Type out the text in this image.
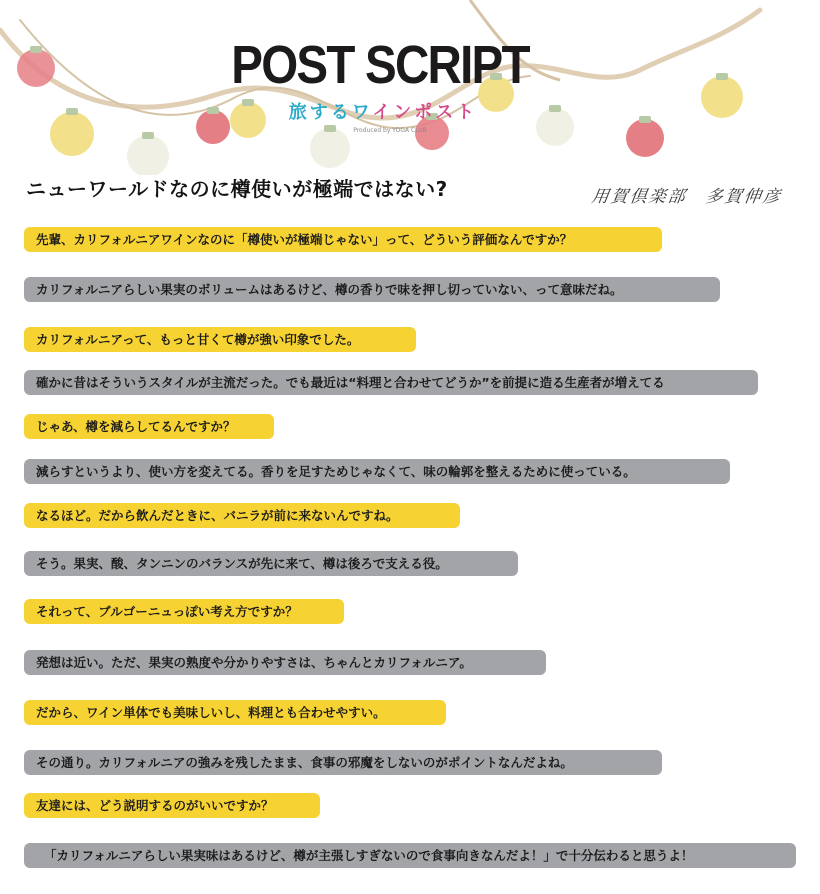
POST SCRIPT
旅するワインポスト
Produced by YOGA CLUB
ニューワールドなのに樽使いが極端ではない?	用賀倶楽部　多賀伸彦
先輩、カリフォルニアワインなのに「樽使いが極端じゃない」って、どういう評価なんですか？
カリフォルニアらしい果実のボリュームはあるけど、樽の香りで味を押し切っていない、って意味だね。
カリフォルニアって、もっと甘くて樽が強い印象でした。
確かに昔はそういうスタイルが主流だった。でも最近は“料理と合わせてどうか”を前提に造る生産者が増えてる
じゃあ、樽を減らしてるんですか？
減らすというより、使い方を変えてる。香りを足すためじゃなくて、味の輪郭を整えるために使っている。
なるほど。だから飲んだときに、バニラが前に来ないんですね。
そう。果実、酸、タンニンのバランスが先に来て、樽は後ろで支える役。
それって、ブルゴーニュっぽい考え方ですか？
発想は近い。ただ、果実の熟度や分かりやすさは、ちゃんとカリフォルニア。
だから、ワイン単体でも美味しいし、料理とも合わせやすい。
その通り。カリフォルニアの強みを残したまま、食事の邪魔をしないのがポイントなんだよね。
友達には、どう説明するのがいいですか？
「カリフォルニアらしい果実味はあるけど、樽が主張しすぎないので食事向きなんだよ！」で十分伝わると思うよ！
